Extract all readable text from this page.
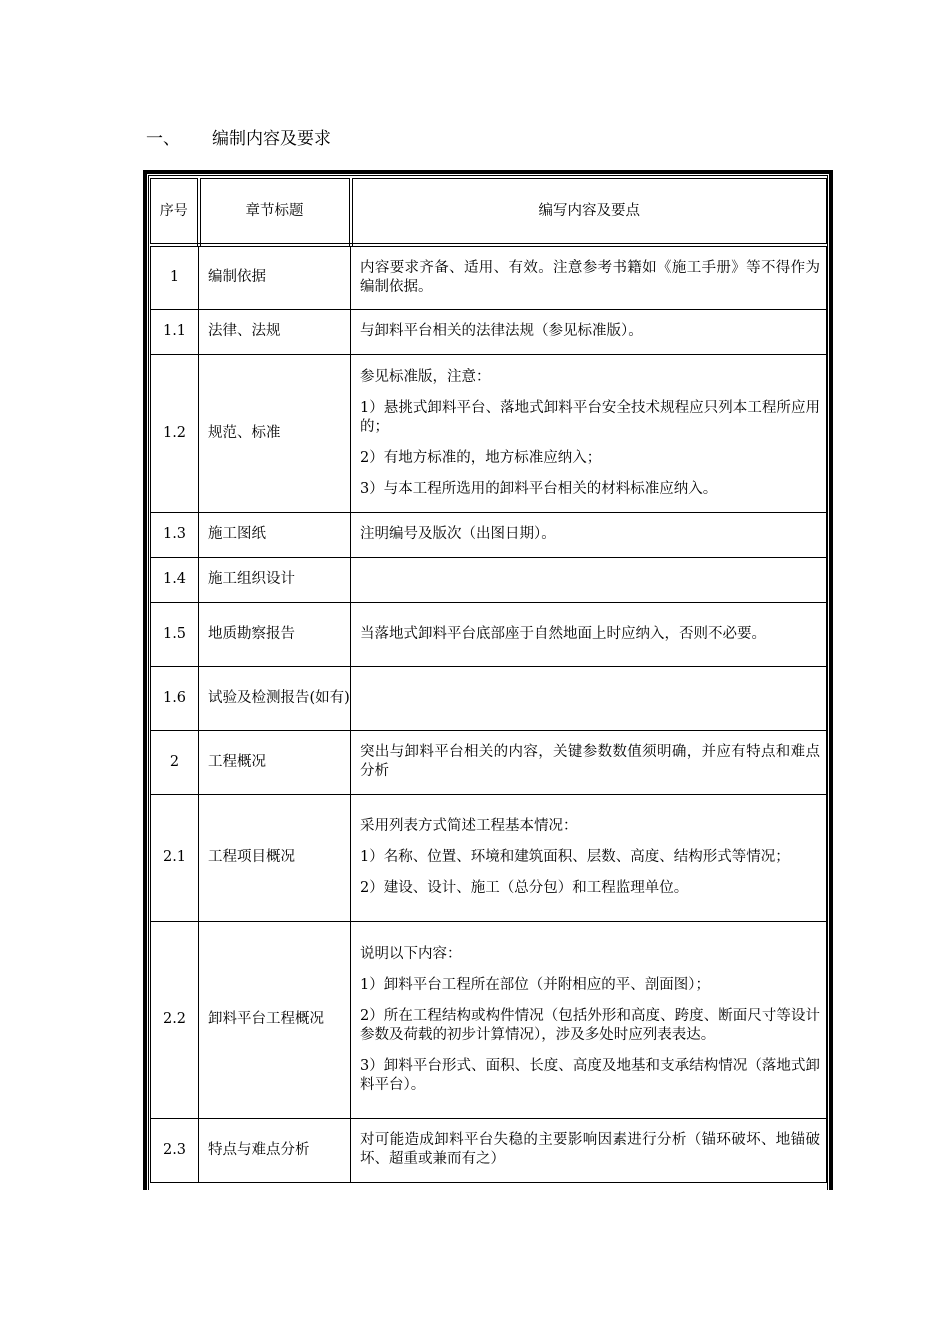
一、 编制内容及要求
序号	章节标题	编写内容及要点
1	编制依据	内容要求齐备、适用、有效。注意参考书籍如《施工手册》等不得作为编制依据。

1.1	法律、法规	与卸料平台相关的法律法规（参见标准版）。

1.2	规范、标准	参见标准版，注意：

1）悬挑式卸料平台、落地式卸料平台安全技术规程应只列本工程所应用的；

2）有地方标准的，地方标准应纳入；

3）与本工程所选用的卸料平台相关的材料标准应纳入。

1.3	施工图纸	注明编号及版次（出图日期）。

1.4	施工组织设计	
1.5	地质勘察报告	当落地式卸料平台底部座于自然地面上时应纳入，否则不必要。

1.6	试验及检测报告(如有)	
2	工程概况	突出与卸料平台相关的内容，关键参数数值须明确，并应有特点和难点分析

2.1	工程项目概况	采用列表方式简述工程基本情况：

1）名称、位置、环境和建筑面积、层数、高度、结构形式等情况；

2）建设、设计、施工（总分包）和工程监理单位。

2.2	卸料平台工程概况	说明以下内容：

1）卸料平台工程所在部位（并附相应的平、剖面图）；

2）所在工程结构或构件情况（包括外形和高度、跨度、断面尺寸等设计参数及荷载的初步计算情况），涉及多处时应列表表达。

3）卸料平台形式、面积、长度、高度及地基和支承结构情况（落地式卸料平台）。

2.3	特点与难点分析	对可能造成卸料平台失稳的主要影响因素进行分析（锚环破坏、地锚破坏、超重或兼而有之）
